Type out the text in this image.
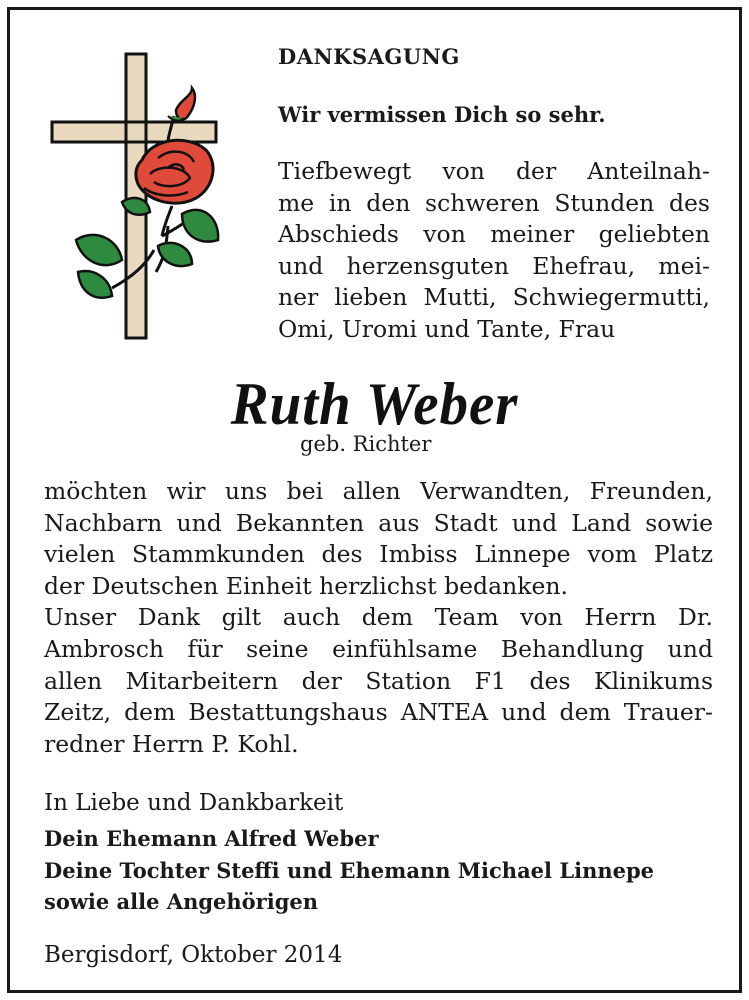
DANKSAGUNG
Wir vermissen Dich so sehr.
Tiefbewegt von der Anteilnah-
me in den schweren Stunden des
Abschieds von meiner geliebten
und herzensguten Ehefrau, mei-
ner lieben Mutti, Schwiegermutti,
Omi, Uromi und Tante, Frau
Ruth Weber
geb. Richter
möchten wir uns bei allen Verwandten, Freunden,
Nachbarn und Bekannten aus Stadt und Land sowie
vielen Stammkunden des Imbiss Linnepe vom Platz
der Deutschen Einheit herzlichst bedanken.
Unser Dank gilt auch dem Team von Herrn Dr.
Ambrosch für seine einfühlsame Behandlung und
allen Mitarbeitern der Station F1 des Klinikums
Zeitz, dem Bestattungshaus ANTEA und dem Trauer-
redner Herrn P. Kohl.
In Liebe und Dankbarkeit
Dein Ehemann Alfred Weber
Deine Tochter Steffi und Ehemann Michael Linnepe
sowie alle Angehörigen
Bergisdorf, Oktober 2014
